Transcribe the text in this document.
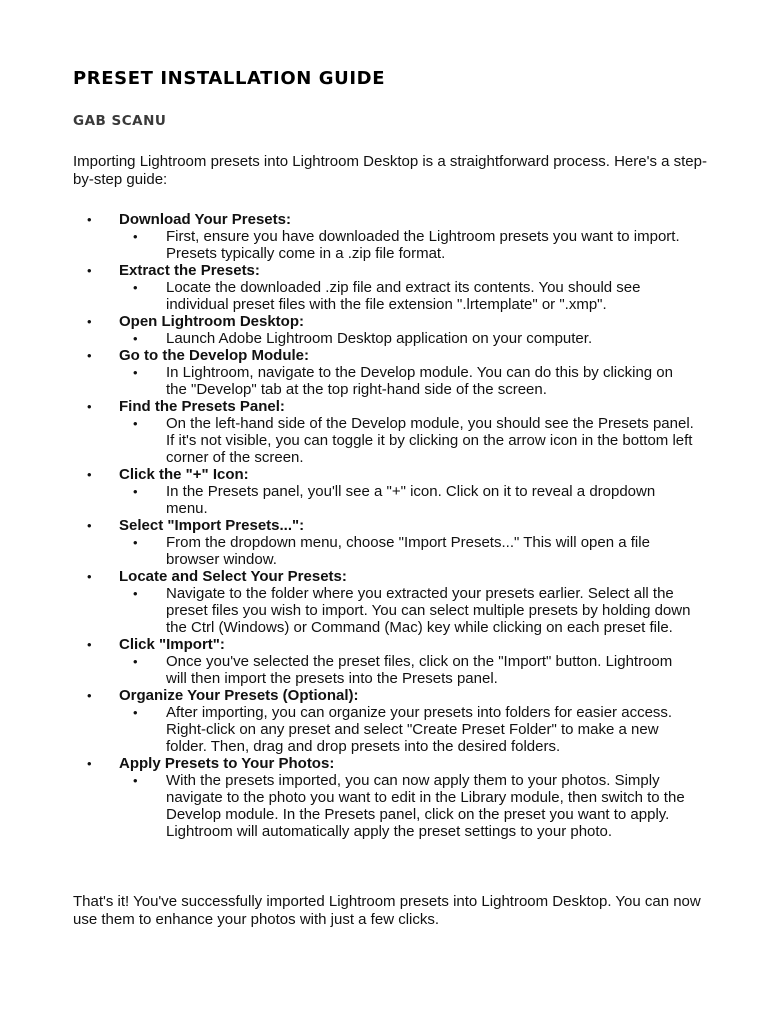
PRESET INSTALLATION GUIDE
GAB SCANU

Importing Lightroom presets into Lightroom Desktop is a straightforward process. Here's a step-by-step guide:

•	Download Your Presets:
•	First, ensure you have downloaded the Lightroom presets you want to import. Presets typically come in a .zip file format.
•	Extract the Presets:
•	Locate the downloaded .zip file and extract its contents. You should see individual preset files with the file extension ".lrtemplate" or ".xmp".
•	Open Lightroom Desktop:
•	Launch Adobe Lightroom Desktop application on your computer.
•	Go to the Develop Module:
•	In Lightroom, navigate to the Develop module. You can do this by clicking on the "Develop" tab at the top right-hand side of the screen.
•	Find the Presets Panel:
•	On the left-hand side of the Develop module, you should see the Presets panel. If it's not visible, you can toggle it by clicking on the arrow icon in the bottom left corner of the screen.
•	Click the "+" Icon:
•	In the Presets panel, you'll see a "+" icon. Click on it to reveal a dropdown menu.
•	Select "Import Presets...":
•	From the dropdown menu, choose "Import Presets..." This will open a file browser window.
•	Locate and Select Your Presets:
•	Navigate to the folder where you extracted your presets earlier. Select all the preset files you wish to import. You can select multiple presets by holding down the Ctrl (Windows) or Command (Mac) key while clicking on each preset file.
•	Click "Import":
•	Once you've selected the preset files, click on the "Import" button. Lightroom will then import the presets into the Presets panel.
•	Organize Your Presets (Optional):
•	After importing, you can organize your presets into folders for easier access. Right-click on any preset and select "Create Preset Folder" to make a new folder. Then, drag and drop presets into the desired folders.
•	Apply Presets to Your Photos:
•	With the presets imported, you can now apply them to your photos. Simply navigate to the photo you want to edit in the Library module, then switch to the Develop module. In the Presets panel, click on the preset you want to apply. Lightroom will automatically apply the preset settings to your photo.

That's it! You've successfully imported Lightroom presets into Lightroom Desktop. You can now use them to enhance your photos with just a few clicks.
